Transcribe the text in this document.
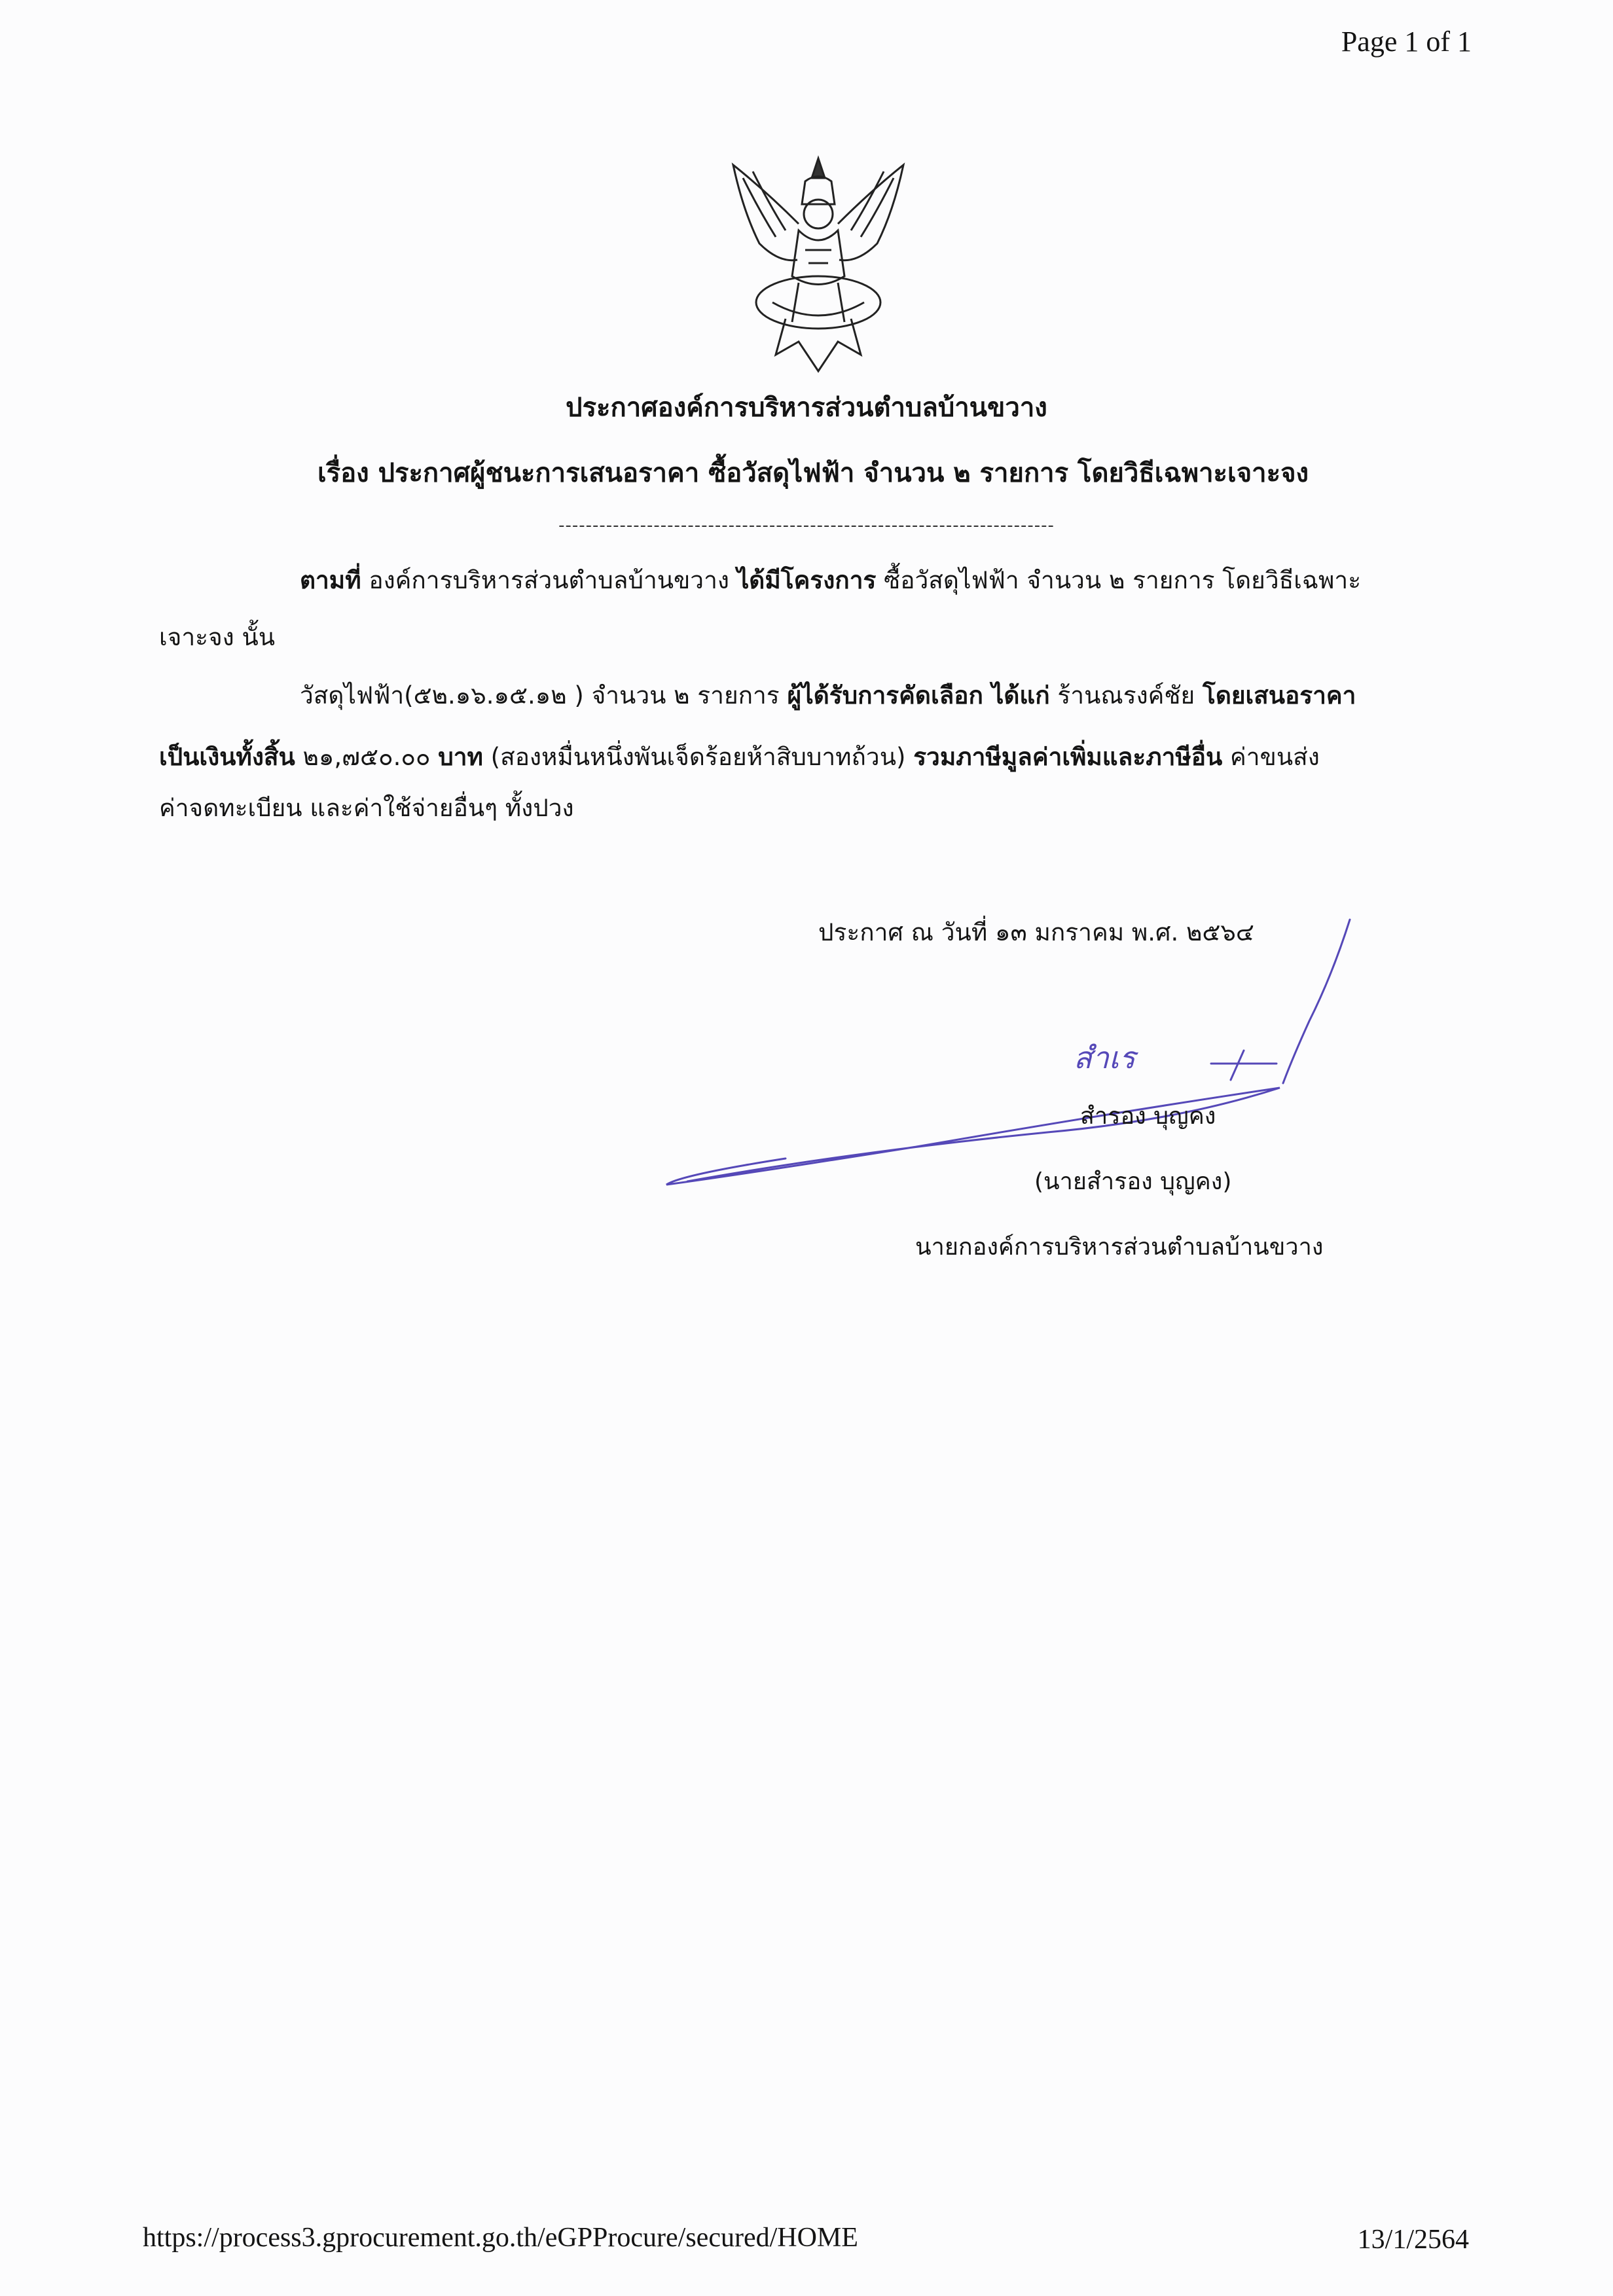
Page 1 of 1
ประกาศองค์การบริหารส่วนตำบลบ้านขวาง
เรื่อง ประกาศผู้ชนะการเสนอราคา ซื้อวัสดุไฟฟ้า จำนวน ๒ รายการ โดยวิธีเฉพาะเจาะจง
-------------------------------------------------------------------------
ตามที่ องค์การบริหารส่วนตำบลบ้านขวาง ได้มีโครงการ ซื้อวัสดุไฟฟ้า จำนวน ๒ รายการ โดยวิธีเฉพาะ
เจาะจง นั้น
วัสดุไฟฟ้า(๕๒.๑๖.๑๕.๑๒ ) จำนวน ๒ รายการ ผู้ได้รับการคัดเลือก ได้แก่ ร้านณรงค์ชัย โดยเสนอราคา
เป็นเงินทั้งสิ้น ๒๑,๗๕๐.๐๐ บาท (สองหมื่นหนึ่งพันเจ็ดร้อยห้าสิบบาทถ้วน) รวมภาษีมูลค่าเพิ่มและภาษีอื่น ค่าขนส่ง
ค่าจดทะเบียน และค่าใช้จ่ายอื่นๆ ทั้งปวง
ประกาศ ณ วันที่ ๑๓ มกราคม พ.ศ. ๒๕๖๔
สำเร
สำรอง บุญคง
(นายสำรอง บุญคง)
นายกองค์การบริหารส่วนตำบลบ้านขวาง
https://process3.gprocurement.go.th/eGPProcure/secured/HOME	13/1/2564
